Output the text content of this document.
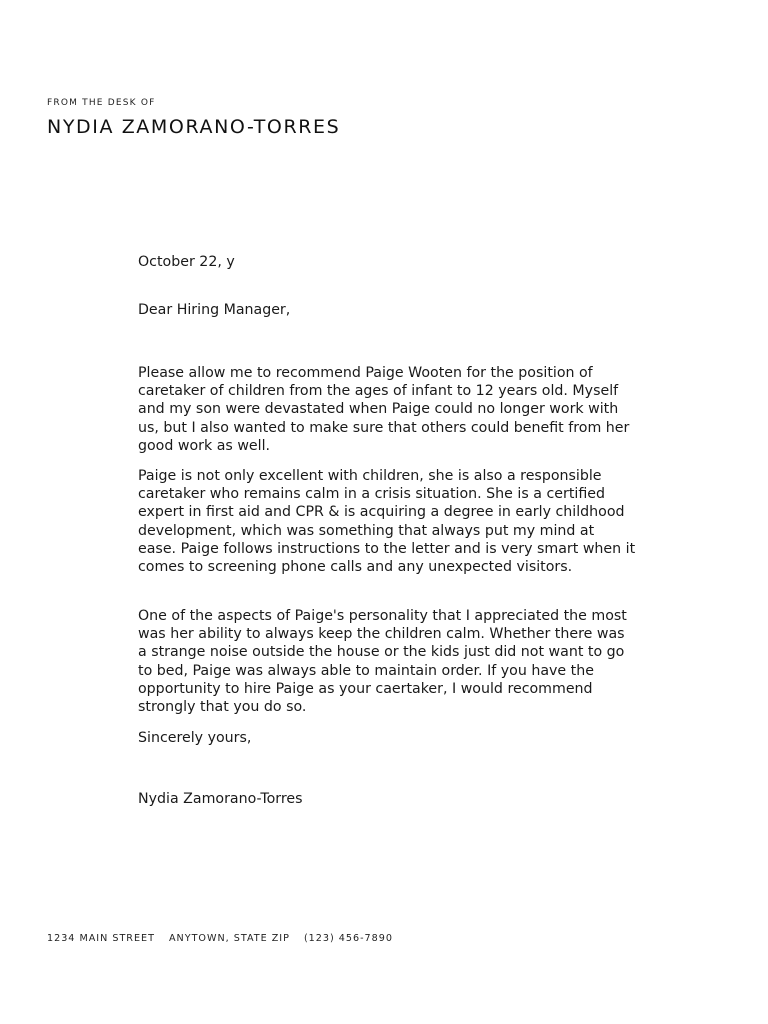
FROM THE DESK OF
NYDIA ZAMORANO-TORRES
October 22, y
Dear Hiring Manager,

Please allow me to recommend Paige Wooten for the position of caretaker of children from the ages of infant to 12 years old. Myself and my son were devastated when Paige could no longer work with us, but I also wanted to make sure that others could benefit from her good work as well.

Paige is not only excellent with children, she is also a responsible caretaker who remains calm in a crisis situation. She is a certified expert in first aid and CPR & is acquiring a degree in early childhood development, which was something that always put my mind at ease. Paige follows instructions to the letter and is very smart when it comes to screening phone calls and any unexpected visitors.

One of the aspects of Paige's personality that I appreciated the most was her ability to always keep the children calm. Whether there was a strange noise outside the house or the kids just did not want to go to bed, Paige was always able to maintain order. If you have the opportunity to hire Paige as your caertaker, I would recommend strongly that you do so.

Sincerely yours,
Nydia Zamorano-Torres
1234 MAIN STREET ANYTOWN, STATE ZIP (123) 456-7890
